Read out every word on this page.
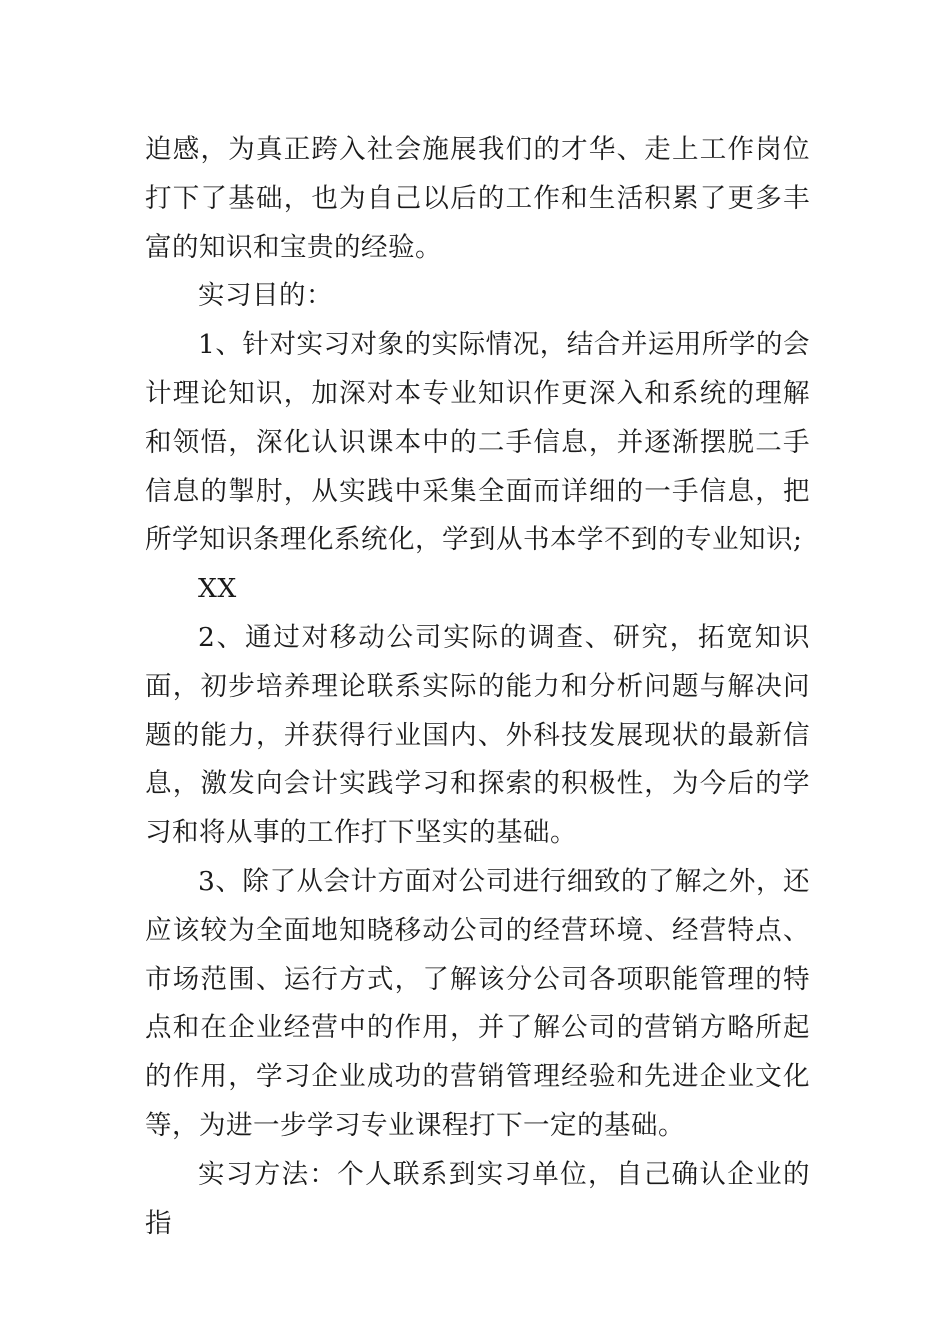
迫感，为真正跨入社会施展我们的才华、走上工作岗位打下了基础，也为自己以后的工作和生活积累了更多丰富的知识和宝贵的经验。

实习目的：

1、针对实习对象的实际情况，结合并运用所学的会计理论知识，加深对本专业知识作更深入和系统的理解和领悟，深化认识课本中的二手信息，并逐渐摆脱二手信息的掣肘，从实践中采集全面而详细的一手信息，把所学知识条理化系统化，学到从书本学不到的专业知识;

XX

2、通过对移动公司实际的调查、研究，拓宽知识面，初步培养理论联系实际的能力和分析问题与解决问题的能力，并获得行业国内、外科技发展现状的最新信息，激发向会计实践学习和探索的积极性，为今后的学习和将从事的工作打下坚实的基础。

3、除了从会计方面对公司进行细致的了解之外，还应该较为全面地知晓移动公司的经营环境、经营特点、市场范围、运行方式，了解该分公司各项职能管理的特点和在企业经营中的作用，并了解公司的营销方略所起的作用，学习企业成功的营销管理经验和先进企业文化等，为进一步学习专业课程打下一定的基础。

实习方法：个人联系到实习单位，自己确认企业的指
